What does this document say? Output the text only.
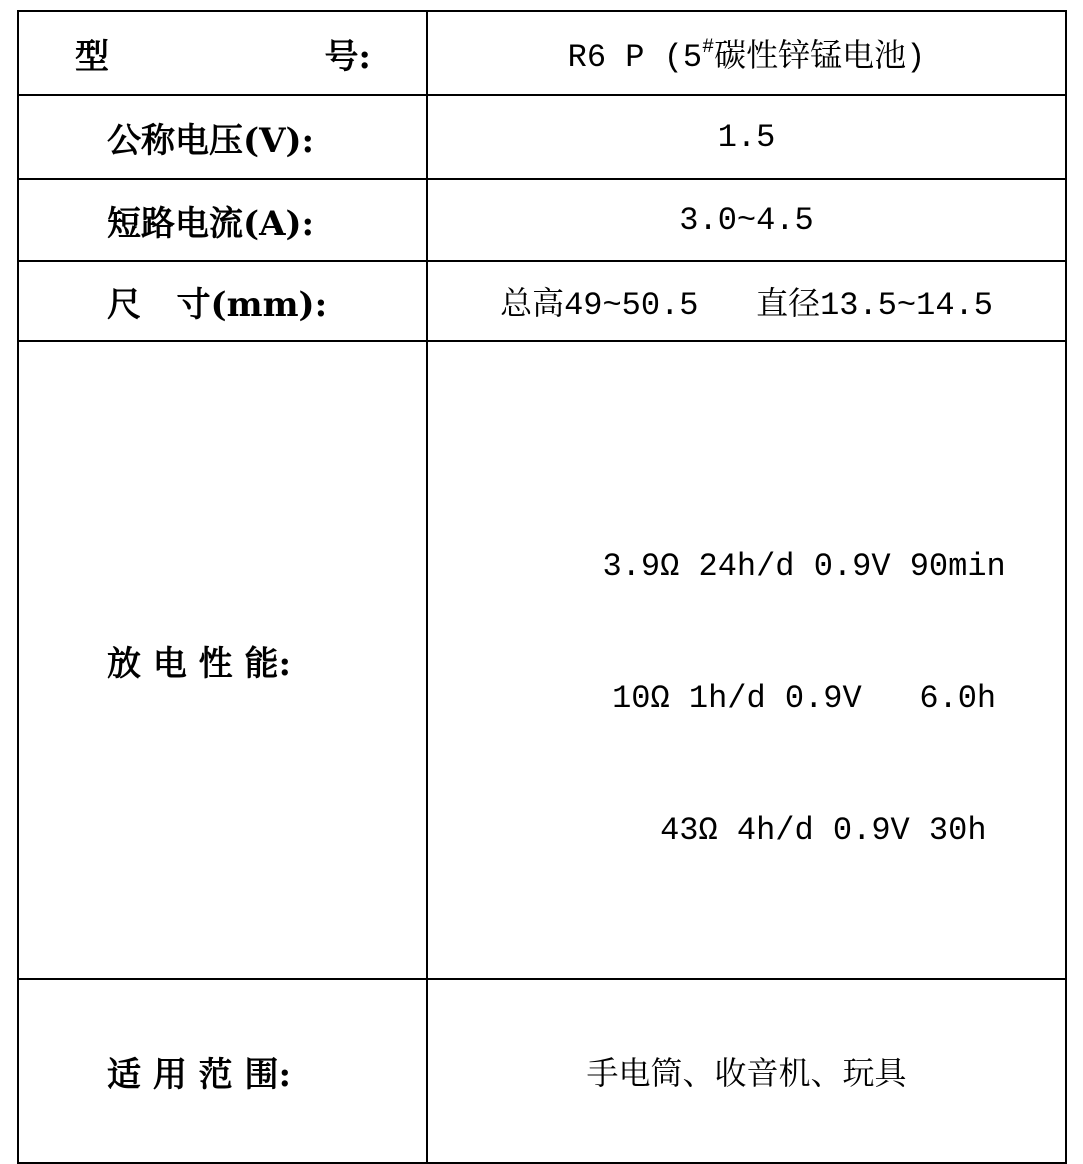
型 号:	R6 P (5#碳性锌锰电池)
公称电压(V):	1.5
短路电流(A):	3.0~4.5
尺   寸(mm):	总高49~50.5   直径13.5~14.5
放 电 性 能:	3.9Ω 24h/d 0.9V 90min

10Ω 1h/d 0.9V   6.0h

43Ω 4h/d 0.9V 30h

适 用 范 围:	手电筒、收音机、玩具
